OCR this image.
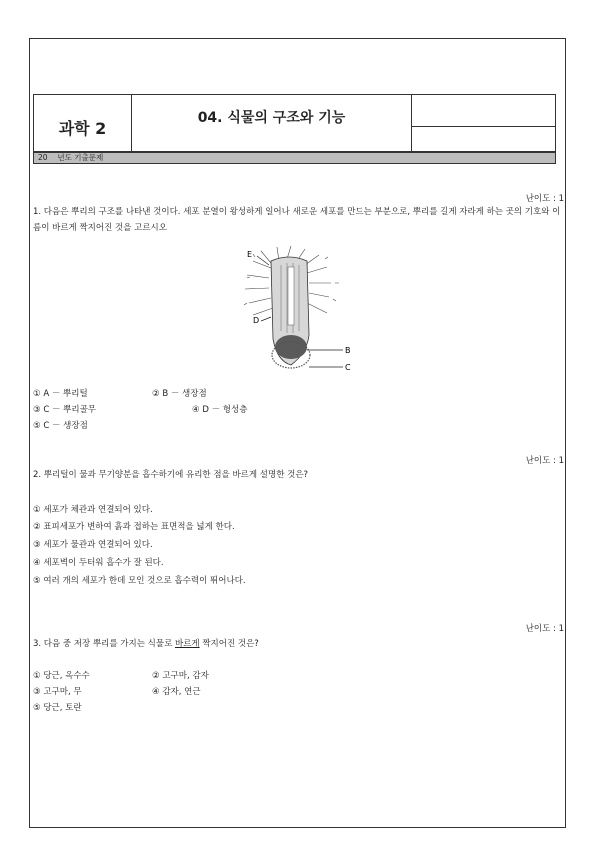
과학 2
04. 식물의 구조와 기능
20　 년도 기출문제
난이도 : 1
1. 다음은 뿌리의 구조를 나타낸 것이다. 세포 분열이 왕성하게 일어나 새로운 세포를 만드는 부분으로, 뿌리를 길게 자라게 하는 곳의 기호와 이름이 바르게 짝지어진 것을 고르시오
E
D
B
C
① A － 뿌리털	② B － 생장점
③ C － 뿌리골무	④ D － 형성층
⑤ C － 생장점
난이도 : 1
2. 뿌리털이 물과 무기양분을 흡수하기에 유리한 점을 바르게 설명한 것은?
① 세포가 체관과 연결되어 있다.
② 표피세포가 변하여 흙과 접하는 표면적을 넓게 한다.
③ 세포가 물관과 연결되어 있다.
④ 세포벽이 두터워 흡수가 잘 된다.
⑤ 여러 개의 세포가 한데 모인 것으로 흡수력이 뛰어나다.
난이도 : 1
3. 다음 중 저장 뿌리를 가지는 식물로 바르게 짝지어진 것은?
① 당근, 옥수수	② 고구마, 감자
③ 고구마, 무	④ 감자, 연근
⑤ 당근, 토란
